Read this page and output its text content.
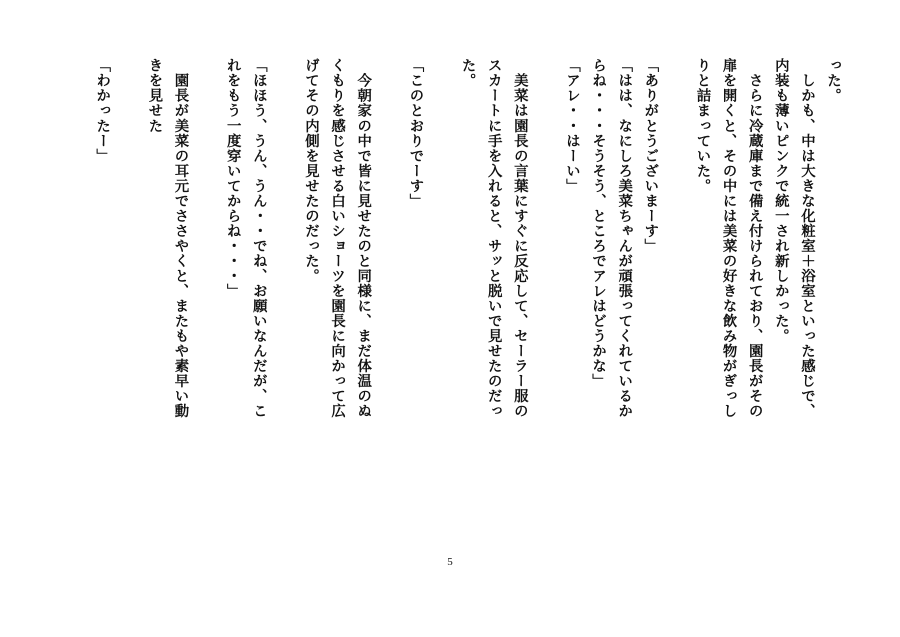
った。
　しかも、中は大きな化粧室＋浴室といった感じで、
内装も薄いピンクで統一され新しかった。
　さらに冷蔵庫まで備え付けられており、園長がその
扉を開くと、その中には美菜の好きな飲み物がぎっし
りと詰まっていた。
「ありがとうございまーす」
「はは、なにしろ美菜ちゃんが頑張ってくれているか
らね・・・そうそう、ところでアレはどうかな」
「アレ・・はーい」
　美菜は園長の言葉にすぐに反応して、セーラー服の
スカートに手を入れると、サッと脱いで見せたのだっ
た。
「このとおりでーす」
　今朝家の中で皆に見せたのと同様に、まだ体温のぬ
くもりを感じさせる白いショーツを園長に向かって広
げてその内側を見せたのだった。
「ほほう、うん、うん・・でね、お願いなんだが、こ
れをもう一度穿いてからね・・・」
　園長が美菜の耳元でささやくと、またもや素早い動
きを見せた
「わかったー」
5
